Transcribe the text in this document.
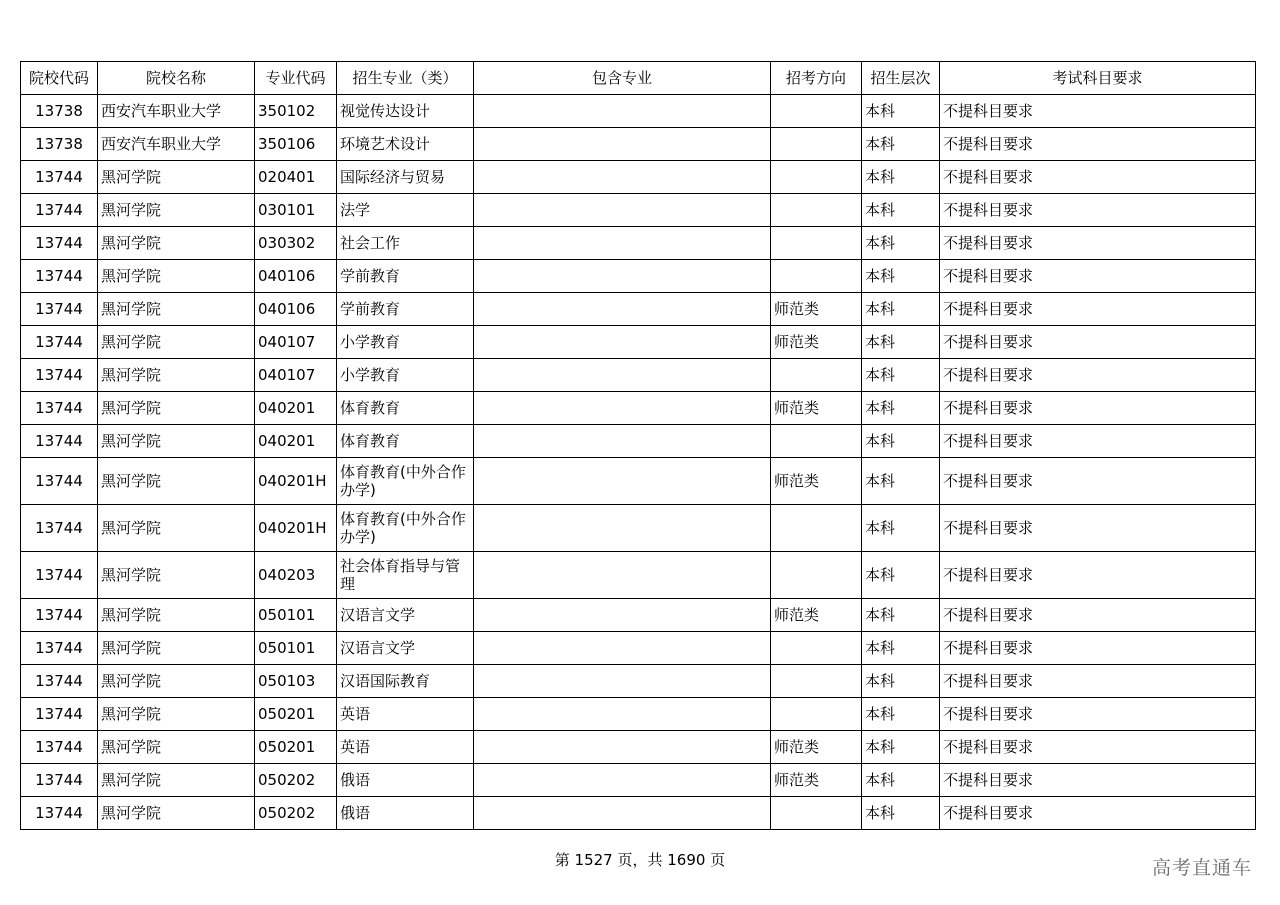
院校代码	院校名称	专业代码	招生专业（类）	包含专业	招考方向	招生层次	考试科目要求
13738	西安汽车职业大学	350102	视觉传达设计			本科	不提科目要求
13738	西安汽车职业大学	350106	环境艺术设计			本科	不提科目要求
13744	黑河学院	020401	国际经济与贸易			本科	不提科目要求
13744	黑河学院	030101	法学			本科	不提科目要求
13744	黑河学院	030302	社会工作			本科	不提科目要求
13744	黑河学院	040106	学前教育			本科	不提科目要求
13744	黑河学院	040106	学前教育		师范类	本科	不提科目要求
13744	黑河学院	040107	小学教育		师范类	本科	不提科目要求
13744	黑河学院	040107	小学教育			本科	不提科目要求
13744	黑河学院	040201	体育教育		师范类	本科	不提科目要求
13744	黑河学院	040201	体育教育			本科	不提科目要求
13744	黑河学院	040201H	体育教育(中外合作办学)		师范类	本科	不提科目要求
13744	黑河学院	040201H	体育教育(中外合作办学)			本科	不提科目要求
13744	黑河学院	040203	社会体育指导与管理			本科	不提科目要求
13744	黑河学院	050101	汉语言文学		师范类	本科	不提科目要求
13744	黑河学院	050101	汉语言文学			本科	不提科目要求
13744	黑河学院	050103	汉语国际教育			本科	不提科目要求
13744	黑河学院	050201	英语			本科	不提科目要求
13744	黑河学院	050201	英语		师范类	本科	不提科目要求
13744	黑河学院	050202	俄语		师范类	本科	不提科目要求
13744	黑河学院	050202	俄语			本科	不提科目要求
第 1527 页，共 1690 页	高考直通车
